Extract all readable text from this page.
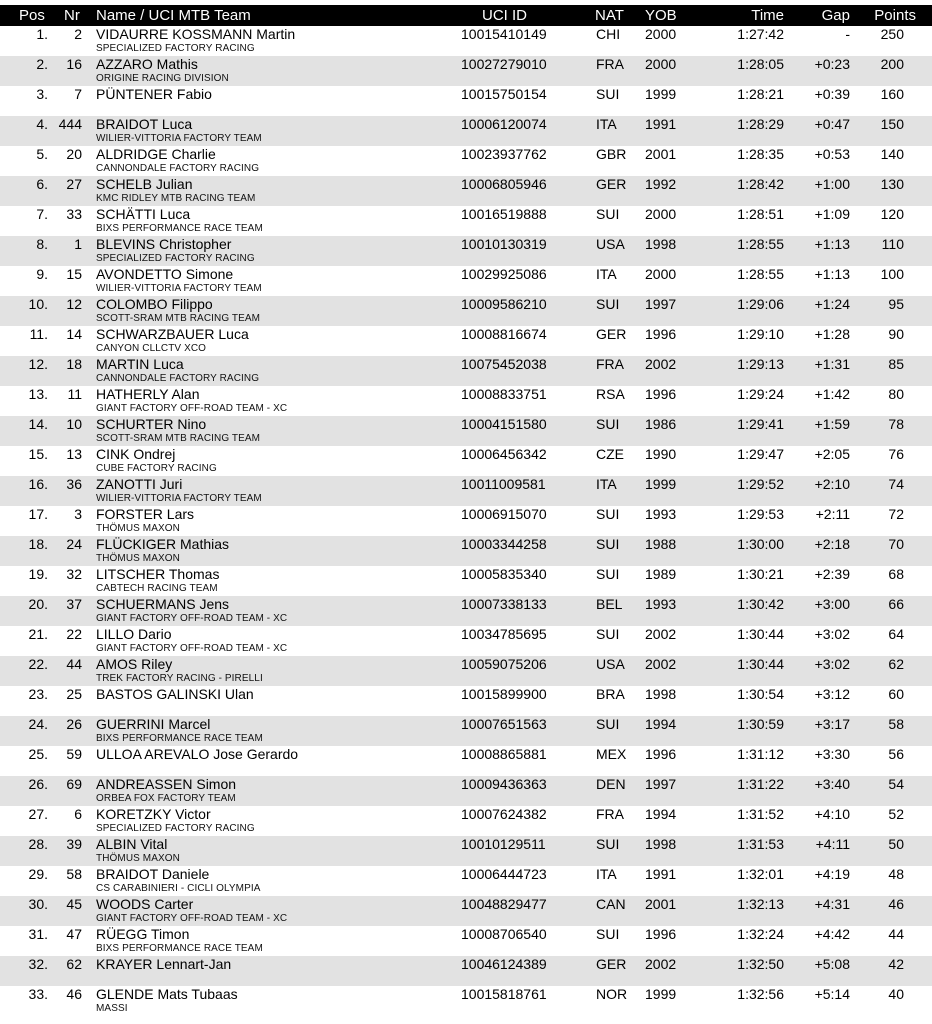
Pos Nr Name / UCI MTB Team	UCI ID	NAT YOB	Time	Gap Points
1. 2 VIDAURRE KOSSMANN Martin	10015410149	CHI 2000	1:27:42	- 250
SPECIALIZED FACTORY RACING
2. 16 AZZARO Mathis	10027279010	FRA 2000	1:28:05 +0:23 200
ORIGINE RACING DIVISION
3. 7 PÜNTENER Fabio	10015750154	SUI 1999	1:28:21 +0:39 160
4. 444 BRAIDOT Luca	10006120074	ITA 1991	1:28:29 +0:47 150
WILIER-VITTORIA FACTORY TEAM
5. 20 ALDRIDGE Charlie	10023937762	GBR 2001	1:28:35 +0:53 140
CANNONDALE FACTORY RACING
6. 27 SCHELB Julian	10006805946	GER 1992	1:28:42 +1:00 130
KMC RIDLEY MTB RACING TEAM
7. 33 SCHÄTTI Luca	10016519888	SUI 2000	1:28:51 +1:09 120
BIXS PERFORMANCE RACE TEAM
8. 1 BLEVINS Christopher	10010130319	USA 1998	1:28:55 +1:13 110
SPECIALIZED FACTORY RACING
9. 15 AVONDETTO Simone	10029925086	ITA 2000	1:28:55 +1:13 100
WILIER-VITTORIA FACTORY TEAM
10. 12 COLOMBO Filippo	10009586210	SUI 1997	1:29:06 +1:24	95
SCOTT-SRAM MTB RACING TEAM
11. 14 SCHWARZBAUER Luca	10008816674	GER 1996	1:29:10 +1:28	90
CANYON CLLCTV XCO
12. 18 MARTIN Luca	10075452038	FRA 2002	1:29:13 +1:31	85
CANNONDALE FACTORY RACING
13. 11 HATHERLY Alan	10008833751	RSA 1996	1:29:24 +1:42	80
GIANT FACTORY OFF-ROAD TEAM - XC
14. 10 SCHURTER Nino	10004151580	SUI 1986	1:29:41 +1:59	78
SCOTT-SRAM MTB RACING TEAM
15. 13 CINK Ondrej	10006456342	CZE 1990	1:29:47 +2:05	76
CUBE FACTORY RACING
16. 36 ZANOTTI Juri	10011009581	ITA 1999	1:29:52 +2:10	74
WILIER-VITTORIA FACTORY TEAM
17. 3 FORSTER Lars	10006915070	SUI 1993	1:29:53 +2:11	72
THÖMUS MAXON
18. 24 FLÜCKIGER Mathias	10003344258	SUI 1988	1:30:00 +2:18	70
THÖMUS MAXON
19. 32 LITSCHER Thomas	10005835340	SUI 1989	1:30:21 +2:39	68
CABTECH RACING TEAM
20. 37 SCHUERMANS Jens	10007338133	BEL 1993	1:30:42 +3:00	66
GIANT FACTORY OFF-ROAD TEAM - XC
21. 22 LILLO Dario	10034785695	SUI 2002	1:30:44 +3:02	64
GIANT FACTORY OFF-ROAD TEAM - XC
22. 44 AMOS Riley	10059075206	USA 2002	1:30:44 +3:02	62
TREK FACTORY RACING - PIRELLI
23. 25 BASTOS GALINSKI Ulan	10015899900	BRA 1998	1:30:54 +3:12	60
24. 26 GUERRINI Marcel	10007651563	SUI 1994	1:30:59 +3:17	58
BIXS PERFORMANCE RACE TEAM
25. 59 ULLOA AREVALO Jose Gerardo	10008865881	MEX 1996	1:31:12 +3:30	56
26. 69 ANDREASSEN Simon	10009436363	DEN 1997	1:31:22 +3:40	54
ORBEA FOX FACTORY TEAM
27. 6 KORETZKY Victor	10007624382	FRA 1994	1:31:52 +4:10	52
SPECIALIZED FACTORY RACING
28. 39 ALBIN Vital	10010129511	SUI 1998	1:31:53 +4:11	50
THÖMUS MAXON
29. 58 BRAIDOT Daniele	10006444723	ITA 1991	1:32:01 +4:19	48
CS CARABINIERI - CICLI OLYMPIA
30. 45 WOODS Carter	10048829477	CAN 2001	1:32:13 +4:31	46
GIANT FACTORY OFF-ROAD TEAM - XC
31. 47 RÜEGG Timon	10008706540	SUI 1996	1:32:24 +4:42	44
BIXS PERFORMANCE RACE TEAM
32. 62 KRAYER Lennart-Jan	10046124389	GER 2002	1:32:50 +5:08	42
33. 46 GLENDE Mats Tubaas	10015818761	NOR 1999	1:32:56 +5:14	40
MASSI
